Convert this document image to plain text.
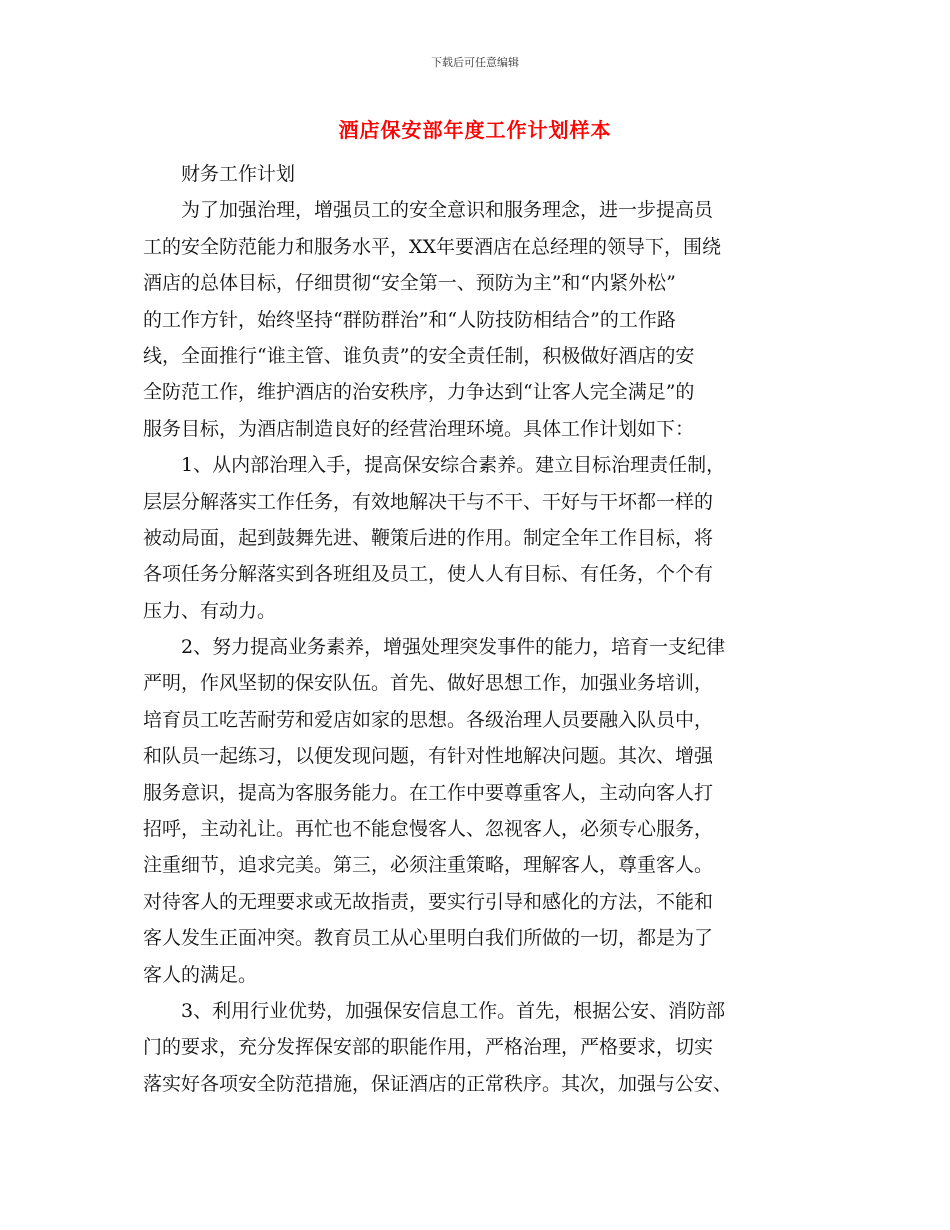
下载后可任意编辑
酒店保安部年度工作计划样本
财务工作计划
为了加强治理，增强员工的安全意识和服务理念，进一步提高员
工的安全防范能力和服务水平，XX年要酒店在总经理的领导下，围绕
酒店的总体目标，仔细贯彻“安全第一、预防为主”和“内紧外松”
的工作方针，始终坚持“群防群治”和“人防技防相结合”的工作路
线，全面推行“谁主管、谁负责”的安全责任制，积极做好酒店的安
全防范工作，维护酒店的治安秩序，力争达到“让客人完全满足”的
服务目标，为酒店制造良好的经营治理环境。具体工作计划如下：
1、从内部治理入手，提高保安综合素养。建立目标治理责任制，
层层分解落实工作任务，有效地解决干与不干、干好与干坏都一样的
被动局面，起到鼓舞先进、鞭策后进的作用。制定全年工作目标，将
各项任务分解落实到各班组及员工，使人人有目标、有任务，个个有
压力、有动力。
2、努力提高业务素养，增强处理突发事件的能力，培育一支纪律
严明，作风坚韧的保安队伍。首先、做好思想工作，加强业务培训，
培育员工吃苦耐劳和爱店如家的思想。各级治理人员要融入队员中，
和队员一起练习，以便发现问题，有针对性地解决问题。其次、增强
服务意识，提高为客服务能力。在工作中要尊重客人，主动向客人打
招呼，主动礼让。再忙也不能怠慢客人、忽视客人，必须专心服务，
注重细节，追求完美。第三，必须注重策略，理解客人，尊重客人。
对待客人的无理要求或无故指责，要实行引导和感化的方法，不能和
客人发生正面冲突。教育员工从心里明白我们所做的一切，都是为了
客人的满足。
3、利用行业优势，加强保安信息工作。首先，根据公安、消防部
门的要求，充分发挥保安部的职能作用，严格治理，严格要求，切实
落实好各项安全防范措施，保证酒店的正常秩序。其次，加强与公安、
